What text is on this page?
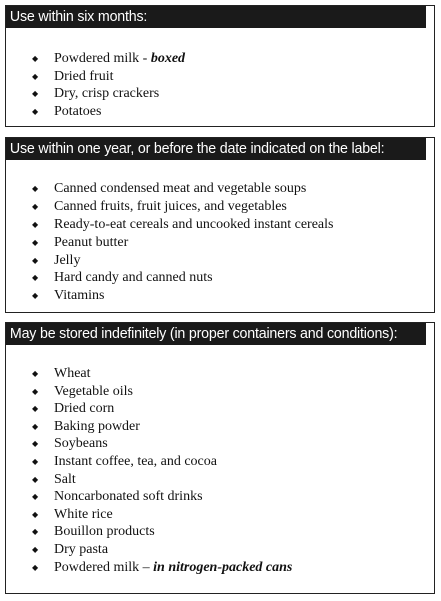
Use within six months:
◆ Powdered milk - boxed
◆ Dried fruit
◆ Dry, crisp crackers
◆ Potatoes
Use within one year, or before the date indicated on the label:
◆ Canned condensed meat and vegetable soups
◆ Canned fruits, fruit juices, and vegetables
◆ Ready-to-eat cereals and uncooked instant cereals
◆ Peanut butter
◆ Jelly
◆ Hard candy and canned nuts
◆ Vitamins
May be stored indefinitely (in proper containers and conditions):
◆ Wheat
◆ Vegetable oils
◆ Dried corn
◆ Baking powder
◆ Soybeans
◆ Instant coffee, tea, and cocoa
◆ Salt
◆ Noncarbonated soft drinks
◆ White rice
◆ Bouillon products
◆ Dry pasta
◆ Powdered milk – in nitrogen-packed cans
